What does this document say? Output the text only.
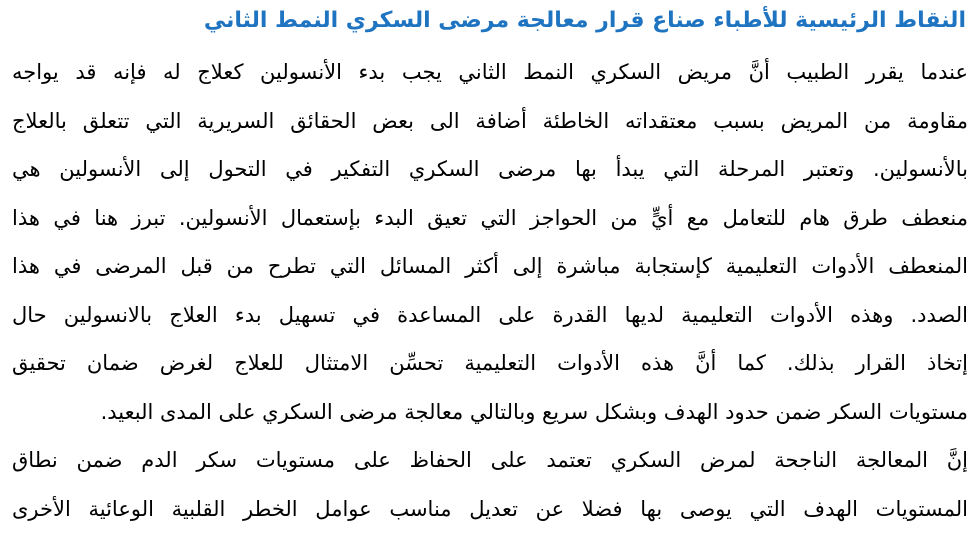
النقاط الرئيسية للأطباء صناع قرار معالجة مرضى السكري النمط الثاني
عندما يقرر الطبيب أنَّ مريض السكري النمط الثاني يجب بدء الأنسولين كعلاج له فإنه قد يواجه
مقاومة من المريض بسبب معتقداته الخاطئة أضافة الى بعض الحقائق السريرية التي تتعلق بالعلاج
بالأنسولين. وتعتبر المرحلة التي يبدأ بها مرضى السكري التفكير في التحول إلى الأنسولين هي
منعطف طرق هام للتعامل مع أيٍّ من الحواجز التي تعيق البدء بإستعمال الأنسولين. تبرز هنا في هذا
المنعطف الأدوات التعليمية كإستجابة مباشرة إلى أكثر المسائل التي تطرح من قبل المرضى في هذا
الصدد. وهذه الأدوات التعليمية لديها القدرة على المساعدة في تسهيل بدء العلاج بالانسولين حال
إتخاذ القرار بذلك. كما أنَّ هذه الأدوات التعليمية تحسِّن الامتثال للعلاج لغرض ضمان تحقيق
مستويات السكر ضمن حدود الهدف وبشكل سريع وبالتالي معالجة مرضى السكري على المدى البعيد.
إنَّ المعالجة الناجحة لمرض السكري تعتمد على الحفاظ على مستويات سكر الدم ضمن نطاق
المستويات الهدف التي يوصى بها فضلا عن تعديل مناسب عوامل الخطر القلبية الوعائية الأخرى
